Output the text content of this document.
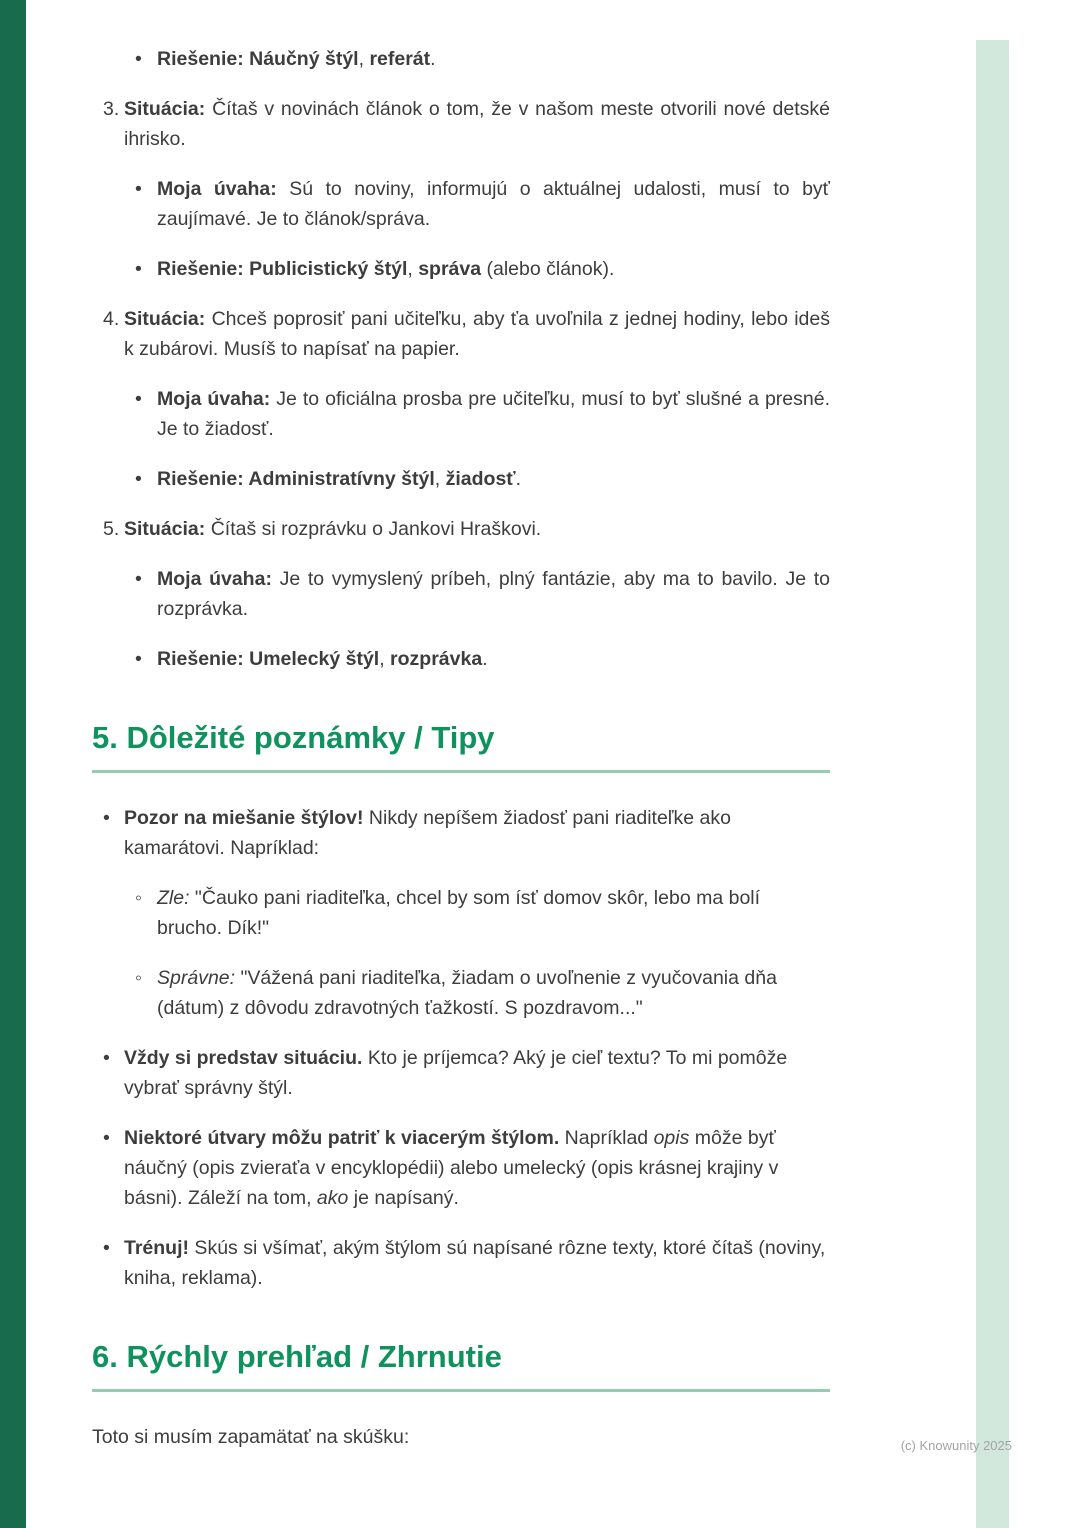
• Riešenie: Náučný štýl, referát.
3. Situácia: Čítaš v novinách článok o tom, že v našom meste otvorili nové detské ihrisko.
• Moja úvaha: Sú to noviny, informujú o aktuálnej udalosti, musí to byť zaujímavé. Je to článok/správa.
• Riešenie: Publicistický štýl, správa (alebo článok).
4. Situácia: Chceš poprosiť pani učiteľku, aby ťa uvoľnila z jednej hodiny, lebo ideš k zubárovi. Musíš to napísať na papier.
• Moja úvaha: Je to oficiálna prosba pre učiteľku, musí to byť slušné a presné. Je to žiadosť.
• Riešenie: Administratívny štýl, žiadosť.
5. Situácia: Čítaš si rozprávku o Jankovi Hraškovi.
• Moja úvaha: Je to vymyslený príbeh, plný fantázie, aby ma to bavilo. Je to rozprávka.
• Riešenie: Umelecký štýl, rozprávka.
5. Dôležité poznámky / Tipy
• Pozor na miešanie štýlov! Nikdy nepíšem žiadosť pani riaditeľke ako kamarátovi. Napríklad:
◦ Zle: "Čauko pani riaditeľka, chcel by som ísť domov skôr, lebo ma bolí brucho. Dík!"
◦ Správne: "Vážená pani riaditeľka, žiadam o uvoľnenie z vyučovania dňa (dátum) z dôvodu zdravotných ťažkostí. S pozdravom..."
• Vždy si predstav situáciu. Kto je príjemca? Aký je cieľ textu? To mi pomôže vybrať správny štýl.
• Niektoré útvary môžu patriť k viacerým štýlom. Napríklad opis môže byť náučný (opis zvieraťa v encyklopédii) alebo umelecký (opis krásnej krajiny v básni). Záleží na tom, ako je napísaný.
• Trénuj! Skús si všímať, akým štýlom sú napísané rôzne texty, ktoré čítaš (noviny, kniha, reklama).
6. Rýchly prehľad / Zhrnutie

Toto si musím zapamätať na skúšku:	(c) Knowunity 2025
